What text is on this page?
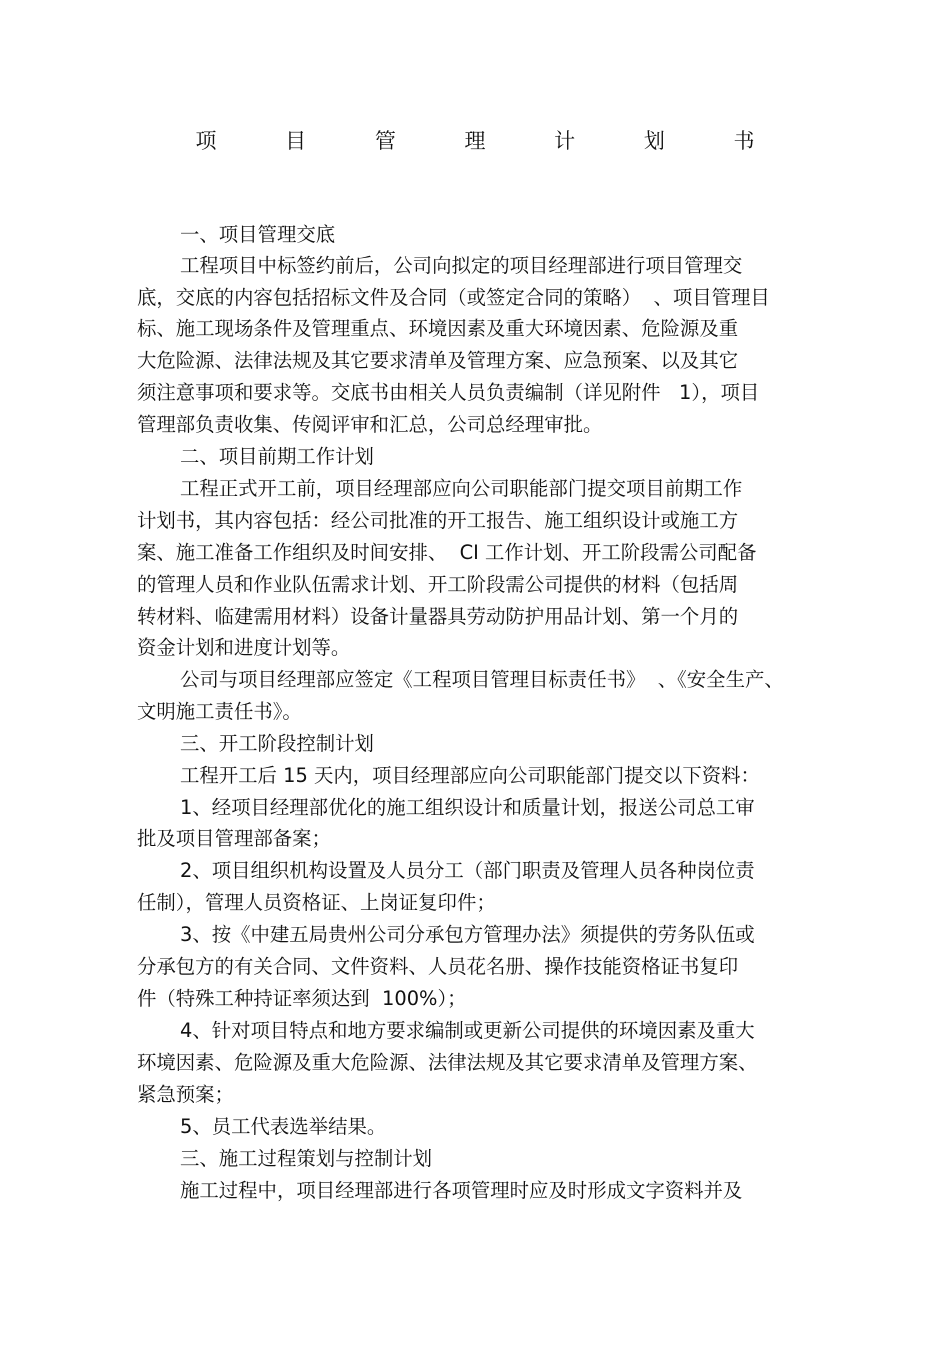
项 目 管 理 计 划 书
一、项目管理交底
工程项目中标签约前后，公司向拟定的项目经理部进行项目管理交
底，交底的内容包括招标文件及合同（或签定合同的策略）  、项目管理目
标、施工现场条件及管理重点、环境因素及重大环境因素、危险源及重
大危险源、法律法规及其它要求清单及管理方案、应急预案、以及其它
须注意事项和要求等。交底书由相关人员负责编制（详见附件   1），项目
管理部负责收集、传阅评审和汇总，公司总经理审批。
二、项目前期工作计划
工程正式开工前，项目经理部应向公司职能部门提交项目前期工作
计划书，其内容包括：经公司批准的开工报告、施工组织设计或施工方
案、施工准备工作组织及时间安排、  CI 工作计划、开工阶段需公司配备
的管理人员和作业队伍需求计划、开工阶段需公司提供的材料（包括周
转材料、临建需用材料）设备计量器具劳动防护用品计划、第一个月的
资金计划和进度计划等。
公司与项目经理部应签定《工程项目管理目标责任书》  、《安全生产、
文明施工责任书》。
三、开工阶段控制计划
工程开工后 15 天内，项目经理部应向公司职能部门提交以下资料：
1、经项目经理部优化的施工组织设计和质量计划，报送公司总工审
批及项目管理部备案；
2、项目组织机构设置及人员分工（部门职责及管理人员各种岗位责
任制），管理人员资格证、上岗证复印件；
3、按《中建五局贵州公司分承包方管理办法》须提供的劳务队伍或
分承包方的有关合同、文件资料、人员花名册、操作技能资格证书复印
件（特殊工种持证率须达到  100%）；
4、针对项目特点和地方要求编制或更新公司提供的环境因素及重大
环境因素、危险源及重大危险源、法律法规及其它要求清单及管理方案、
紧急预案；
5、员工代表选举结果。
三、施工过程策划与控制计划
施工过程中，项目经理部进行各项管理时应及时形成文字资料并及
